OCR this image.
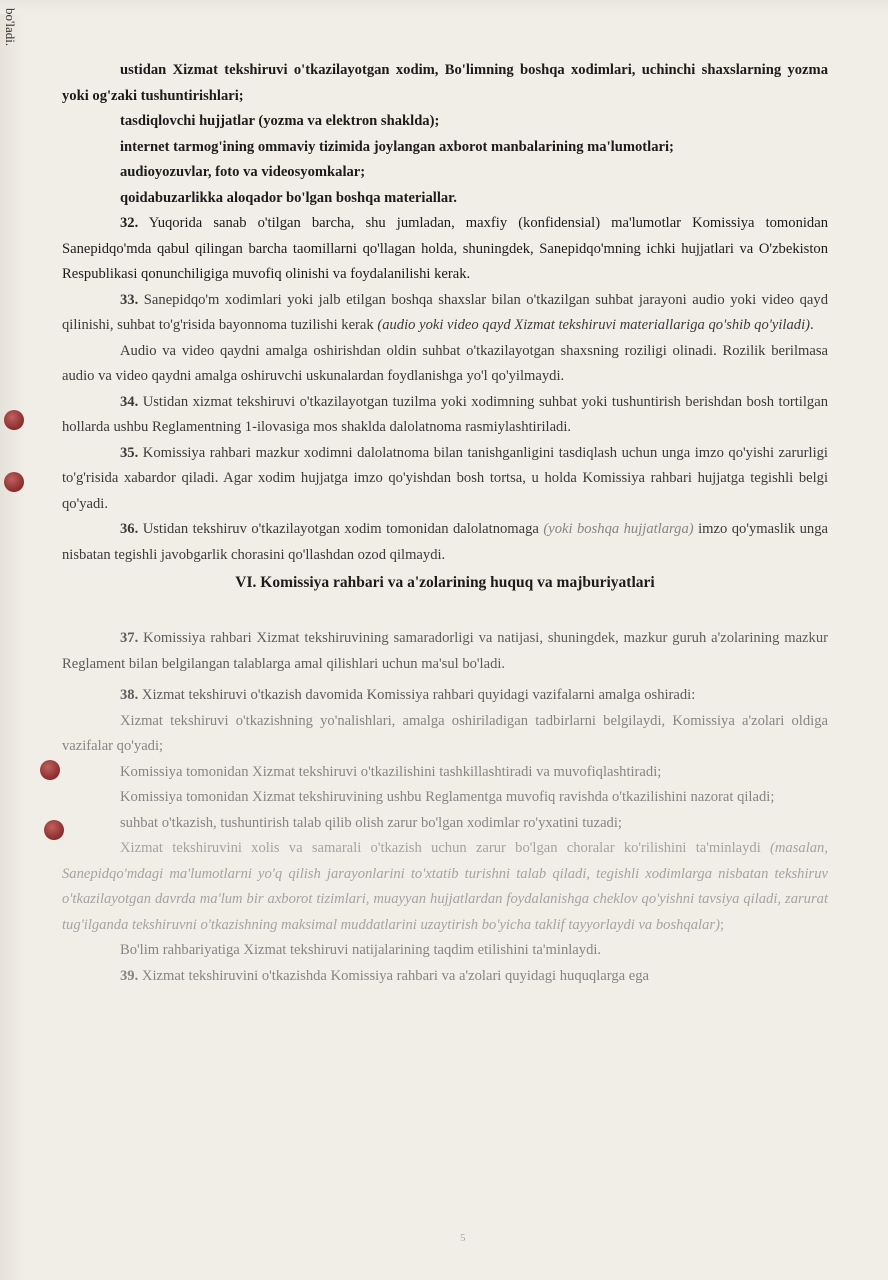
bo'ladi.

ustidan Xizmat tekshiruvi o'tkazilayotgan xodim, Bo'limning boshqa xodimlari, uchinchi shaxslarning yozma yoki og'zaki tushuntirishlari;

tasdiqlovchi hujjatlar (yozma va elektron shaklda);

internet tarmog'ining ommaviy tizimida joylangan axborot manbalarining ma'lumotlari;

audioyozuvlar, foto va videosyomkalar;

qoidabuzarlikka aloqador bo'lgan boshqa materiallar.

32. Yuqorida sanab o'tilgan barcha, shu jumladan, maxfiy (konfidensial) ma'lumotlar Komissiya tomonidan Sanepidqo'mda qabul qilingan barcha taomillarni qo'llagan holda, shuningdek, Sanepidqo'mning ichki hujjatlari va O'zbekiston Respublikasi qonunchiligiga muvofiq olinishi va foydalanilishi kerak.

33. Sanepidqo'm xodimlari yoki jalb etilgan boshqa shaxslar bilan o'tkazilgan suhbat jarayoni audio yoki video qayd qilinishi, suhbat to'g'risida bayonnoma tuzilishi kerak (audio yoki video qayd Xizmat tekshiruvi materiallariga qo'shib qo'yiladi).

Audio va video qaydni amalga oshirishdan oldin suhbat o'tkazilayotgan shaxsning roziligi olinadi. Rozilik berilmasa audio va video qaydni amalga oshiruvchi uskunalardan foydlanishga yo'l qo'yilmaydi.

34. Ustidan xizmat tekshiruvi o'tkazilayotgan tuzilma yoki xodimning suhbat yoki tushuntirish berishdan bosh tortilgan hollarda ushbu Reglamentning 1-ilovasiga mos shaklda dalolatnoma rasmiylashtiriladi.

35. Komissiya rahbari mazkur xodimni dalolatnoma bilan tanishganligini tasdiqlash uchun unga imzo qo'yishi zarurligi to'g'risida xabardor qiladi. Agar xodim hujjatga imzo qo'yishdan bosh tortsa, u holda Komissiya rahbari hujjatga tegishli belgi qo'yadi.

36. Ustidan tekshiruv o'tkazilayotgan xodim tomonidan dalolatnomaga (yoki boshqa hujjatlarga) imzo qo'ymaslik unga nisbatan tegishli javobgarlik chorasini qo'llashdan ozod qilmaydi.

VI. Komissiya rahbari va a'zolarining huquq va majburiyatlari

37. Komissiya rahbari Xizmat tekshiruvining samaradorligi va natijasi, shuningdek, mazkur guruh a'zolarining mazkur Reglament bilan belgilangan talablarga amal qilishlari uchun ma'sul bo'ladi.

38. Xizmat tekshiruvi o'tkazish davomida Komissiya rahbari quyidagi vazifalarni amalga oshiradi:

Xizmat tekshiruvi o'tkazishning yo'nalishlari, amalga oshiriladigan tadbirlarni belgilaydi, Komissiya a'zolari oldiga vazifalar qo'yadi;

Komissiya tomonidan Xizmat tekshiruvi o'tkazilishini tashkillashtiradi va muvofiqlashtiradi;

Komissiya tomonidan Xizmat tekshiruvining ushbu Reglamentga muvofiq ravishda o'tkazilishini nazorat qiladi;

suhbat o'tkazish, tushuntirish talab qilib olish zarur bo'lgan xodimlar ro'yxatini tuzadi;

Xizmat tekshiruvini xolis va samarali o'tkazish uchun zarur bo'lgan choralar ko'rilishini ta'minlaydi (masalan, Sanepidqo'mdagi ma'lumotlarni yo'q qilish jarayonlarini to'xtatib turishni talab qiladi, tegishli xodimlarga nisbatan tekshiruv o'tkazilayotgan davrda ma'lum bir axborot tizimlari, muayyan hujjatlardan foydalanishga cheklov qo'yishni tavsiya qiladi, zarurat tug'ilganda tekshiruvni o'tkazishning maksimal muddatlarini uzaytirish bo'yicha taklif tayyorlaydi va boshqalar);

Bo'lim rahbariyatiga Xizmat tekshiruvi natijalarining taqdim etilishini ta'minlaydi.

39. Xizmat tekshiruvini o'tkazishda Komissiya rahbari va a'zolari quyidagi huquqlarga ega

5
